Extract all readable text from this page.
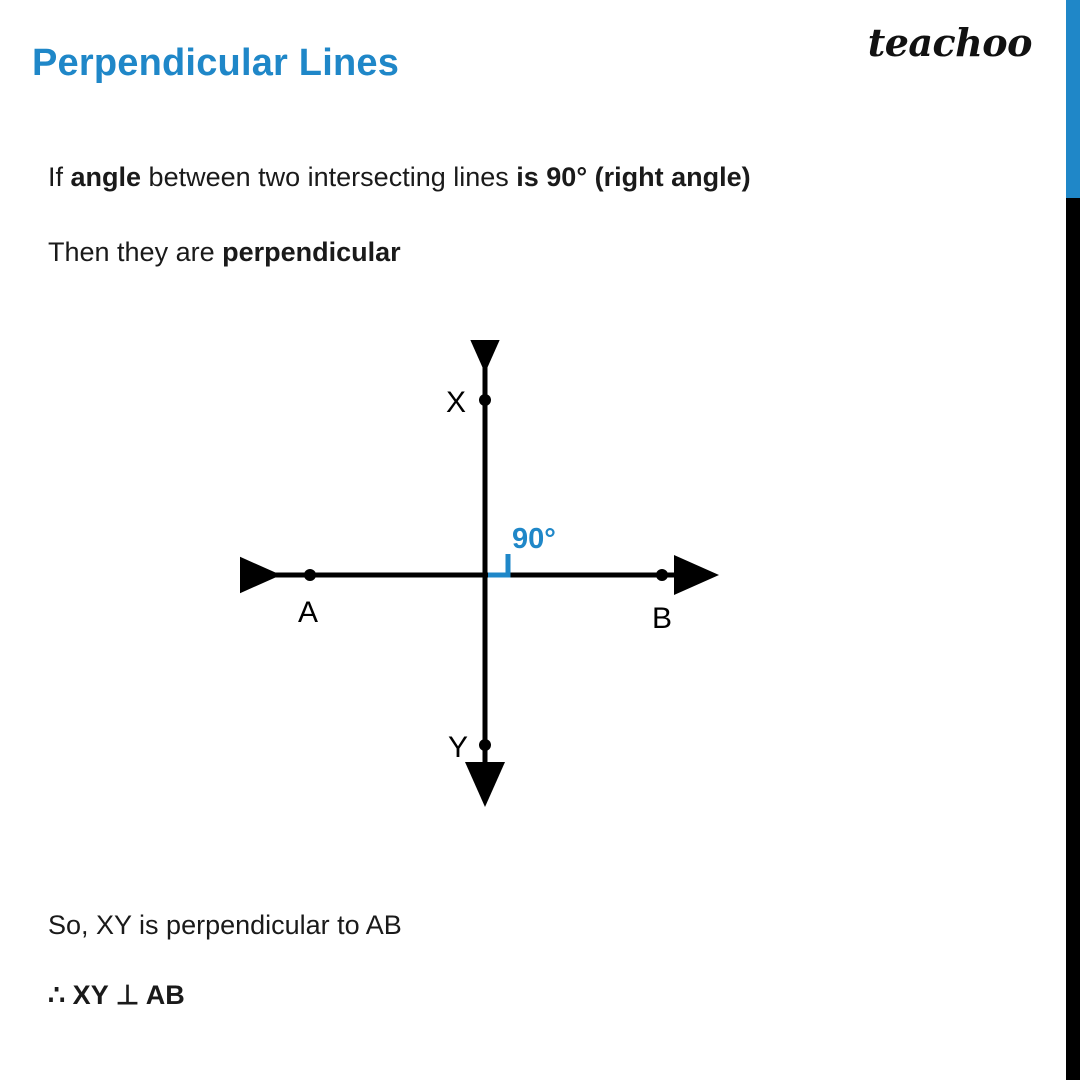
Perpendicular Lines	teachoo
If angle between two intersecting lines is 90° (right angle)
Then they are perpendicular
X
Y
A	B
90°
So, XY is perpendicular to AB
∴ XY ⊥ AB
